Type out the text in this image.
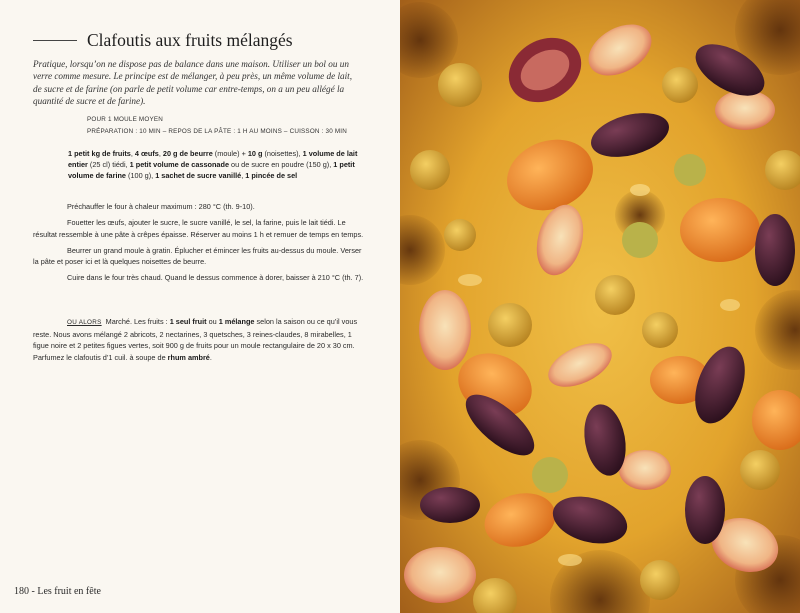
Clafoutis aux fruits mélangés
Pratique, lorsqu’on ne dispose pas de balance dans une maison. Utiliser un bol ou un verre comme mesure. Le principe est de mélanger, à peu près, un même volume de lait, de sucre et de farine (on parle de petit volume car entre-temps, on a un peu allégé la quantité de sucre et de farine).
POUR 1 MOULE MOYEN
PRÉPARATION : 10 MIN – REPOS DE LA PÂTE : 1 H AU MOINS – CUISSON : 30 MIN
1 petit kg de fruits, 4 œufs, 20 g de beurre (moule) + 10 g (noisettes), 1 volume de lait entier (25 cl) tiédi, 1 petit volume de cassonade ou de sucre en poudre (150 g), 1 petit volume de farine (100 g), 1 sachet de sucre vanillé, 1 pincée de sel

Préchauffer le four à chaleur maximum : 280 °C (th. 9-10).

Fouetter les œufs, ajouter le sucre, le sucre vanillé, le sel, la farine, puis le lait tiédi. Le résultat ressemble à une pâte à crêpes épaisse. Réserver au moins 1 h et remuer de temps en temps.

Beurrer un grand moule à gratin. Éplucher et émincer les fruits au-dessus du moule. Verser la pâte et poser ici et là quelques noisettes de beurre.

Cuire dans le four très chaud. Quand le dessus commence à dorer, baisser à 210 °C (th. 7).

OU ALORS Marché. Les fruits : 1 seul fruit ou 1 mélange selon la saison ou ce qu’il vous reste. Nous avons mélangé 2 abricots, 2 nectarines, 3 quetsches, 3 reines-claudes, 8 mirabelles, 1 figue noire et 2 petites figues vertes, soit 900 g de fruits pour un moule rectangulaire de 20 x 30 cm. Parfumez le clafoutis d’1 cuil. à soupe de rhum ambré.
180 - Les fruit en fête
